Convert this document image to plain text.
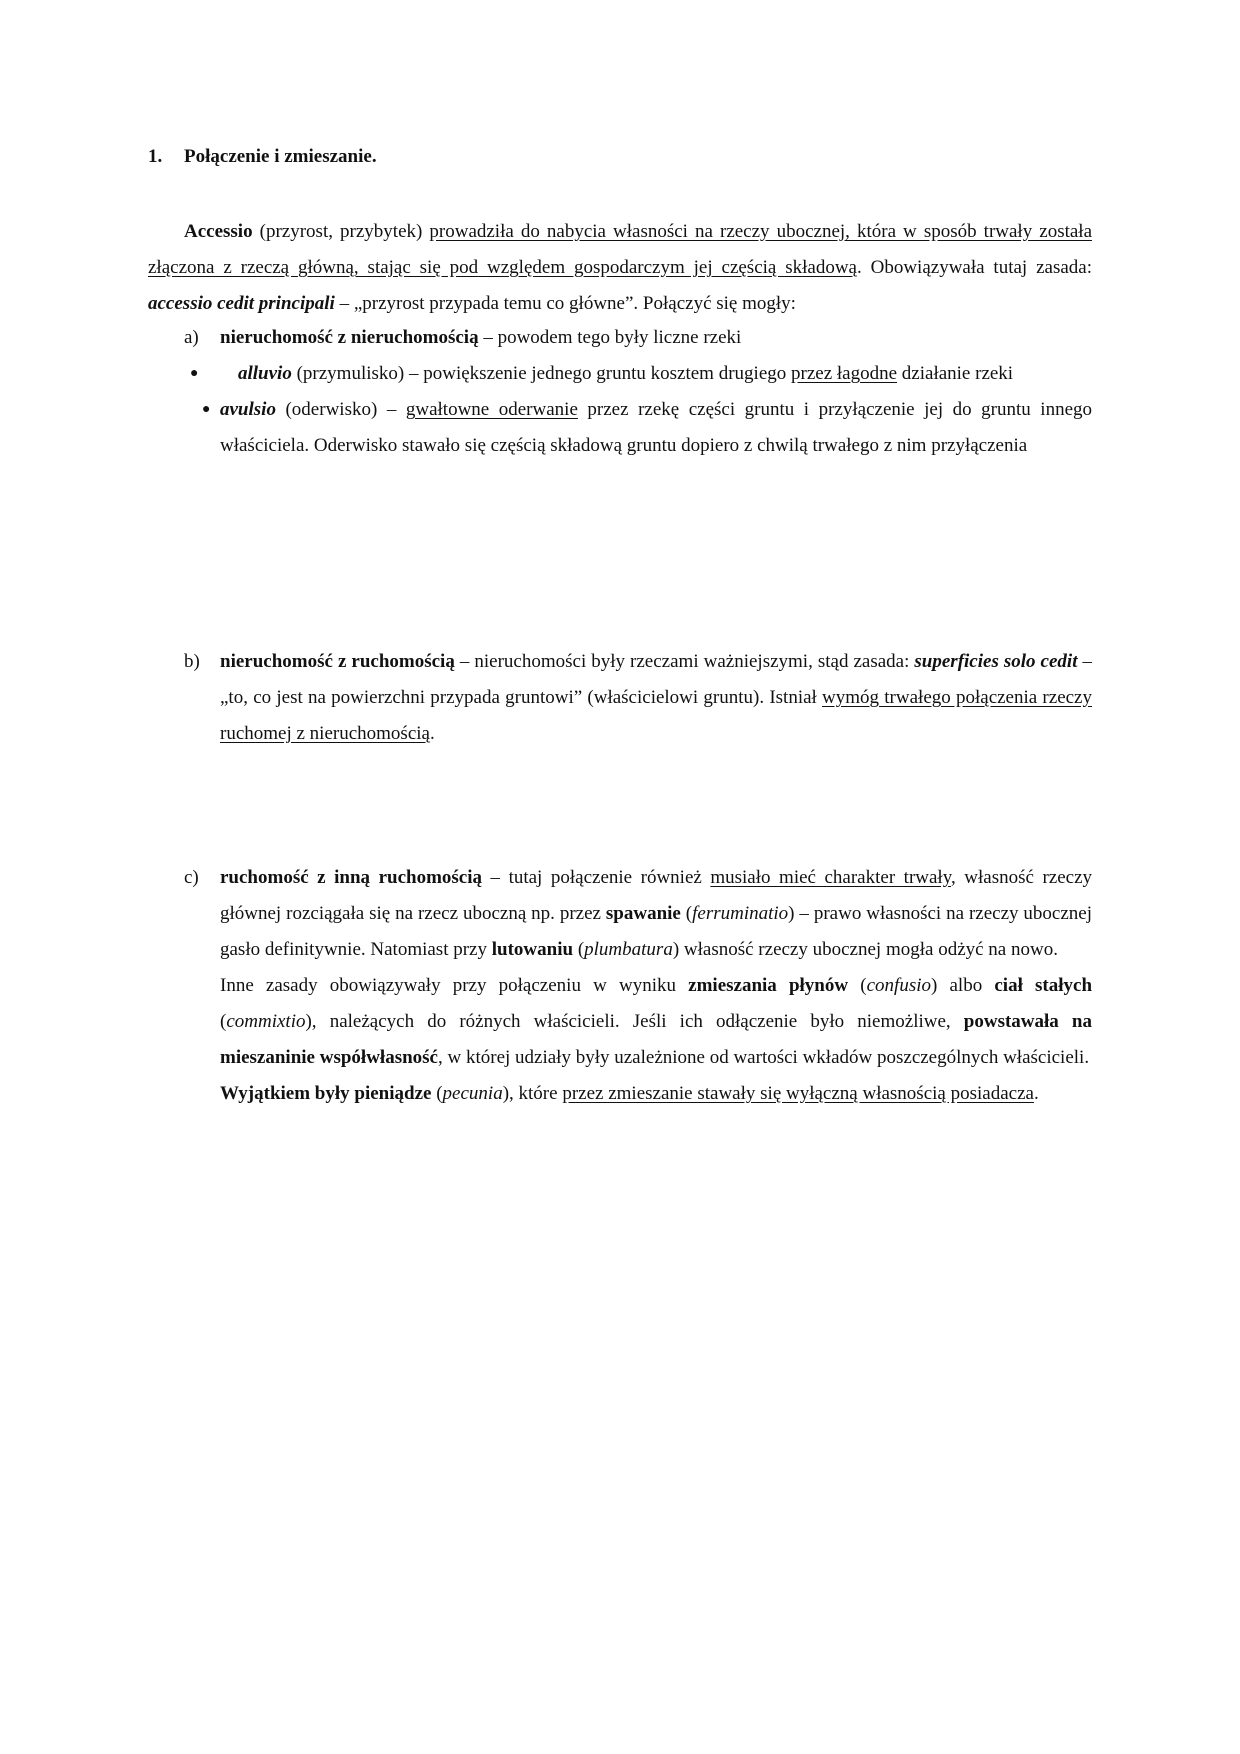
1. Połączenie i zmieszanie.
Accessio (przyrost, przybytek) prowadziła do nabycia własności na rzeczy ubocznej, która w sposób trwały została złączona z rzeczą główną, stając się pod względem gospodarczym jej częścią składową. Obowiązywała tutaj zasada: accessio cedit principali – „przyrost przypada temu co główne”. Połączyć się mogły:
a) nieruchomość z nieruchomością – powodem tego były liczne rzeki
●	alluvio (przymulisko) – powiększenie jednego gruntu kosztem drugiego przez łagodne działanie rzeki
● avulsio (oderwisko) – gwałtowne oderwanie przez rzekę części gruntu i przyłączenie jej do gruntu innego właściciela. Oderwisko stawało się częścią składową gruntu dopiero z chwilą trwałego z nim przyłączenia
b) nieruchomość z ruchomością – nieruchomości były rzeczami ważniejszymi, stąd zasada: superficies solo cedit – „to, co jest na powierzchni przypada gruntowi” (właścicielowi gruntu). Istniał wymóg trwałego połączenia rzeczy ruchomej z nieruchomością.
c) ruchomość z inną ruchomością – tutaj połączenie również musiało mieć charakter trwały, własność rzeczy głównej rozciągała się na rzecz uboczną np. przez spawanie (ferruminatio) – prawo własności na rzeczy ubocznej gasło definitywnie. Natomiast przy lutowaniu (plumbatura) własność rzeczy ubocznej mogła odżyć na nowo.
Inne zasady obowiązywały przy połączeniu w wyniku zmieszania płynów (confusio) albo ciał stałych (commixtio), należących do różnych właścicieli. Jeśli ich odłączenie było niemożliwe, powstawała na mieszaninie współwłasność, w której udziały były uzależnione od wartości wkładów poszczególnych właścicieli.
Wyjątkiem były pieniądze (pecunia), które przez zmieszanie stawały się wyłączną własnością posiadacza.
